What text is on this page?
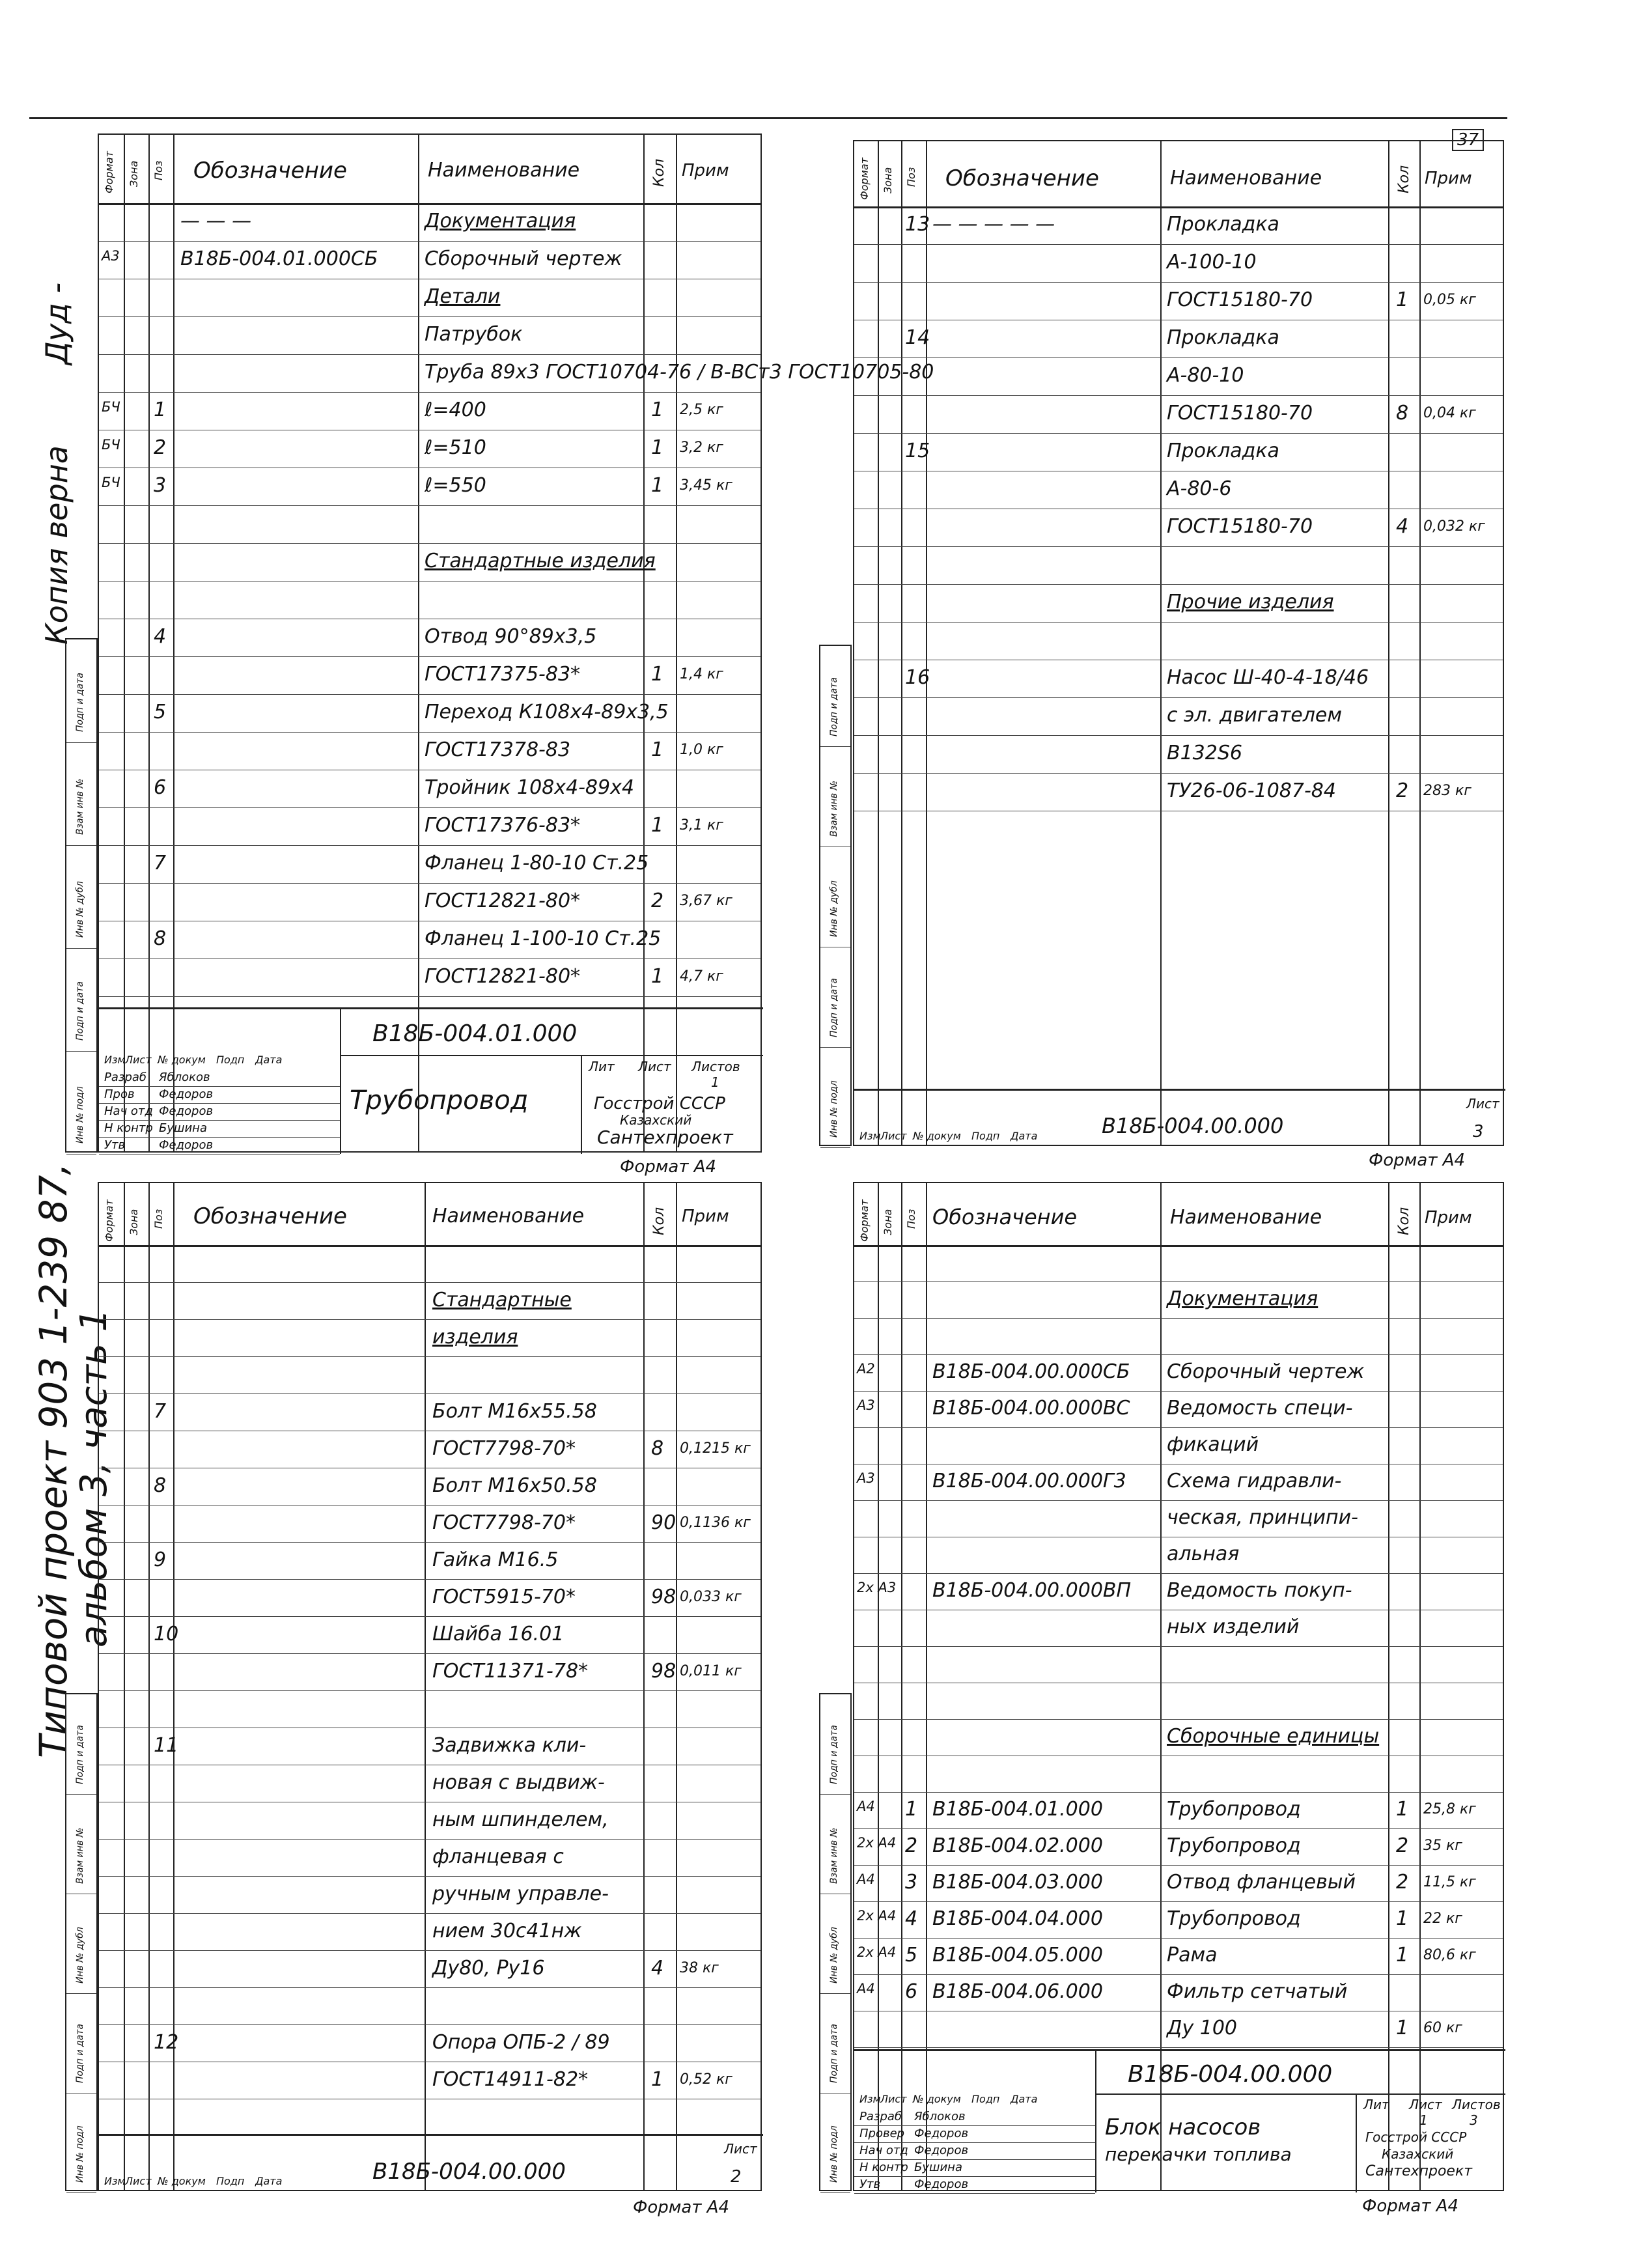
37
Копия верна
Дуд -
Типовой проект 903 1-239 87,
альбом 3, часть 1
Формат Зона Поз Обозначение	Наименование	Кол Прим
— — —	Документация
А3	В18Б-004.01.000СБ Сборочный чертеж
Детали
Патрубок
Труба 89х3 ГОСТ10704-76 / В-ВСт3 ГОСТ10705-80
БЧ 1	ℓ=400	1 2,5 кг
БЧ 2	ℓ=510	1 3,2 кг
БЧ 3	ℓ=550	1 3,45 кг
Стандартные изделия
4	Отвод 90°89х3,5
ГОСТ17375-83*	1 1,4 кг
5	Переход К108х4-89х3,5
ГОСТ17378-83	1 1,0 кг
6	Тройник 108х4-89х4
ГОСТ17376-83*	1 3,1 кг
7	Фланец 1-80-10 Ст.25
ГОСТ12821-80*	2 3,67 кг
8	Фланец 1-100-10 Ст.25
ГОСТ12821-80*	1 4,7 кг
В18Б-004.01.000
Трубопровод
Лит Лист Листов
1
Госстрой СССР
Казахский
Сантехпроект
Изм Лист № докум Подп Дата
Разраб Яблоков
Пров Федоров
Нач отд Федоров
Н контр Бушина
Утв	Федоров
Формат А4
Формат Зона Поз Обозначение	Наименование	Кол Прим
13 — — — — —	Прокладка
А-100-10
ГОСТ15180-70	1 0,05 кг
14	Прокладка
А-80-10
ГОСТ15180-70	8 0,04 кг
15	Прокладка
А-80-6
ГОСТ15180-70	4 0,032 кг
Прочие изделия
16	Насос Ш-40-4-18/46
с эл. двигателем
В132S6
ТУ26-06-1087-84	2 283 кг
В18Б-004.00.000
Лист
3
Изм Лист № докум Подп Дата
Формат А4
Формат Зона Поз Обозначение	Наименование	Кол Прим
Стандартные
изделия
7	Болт М16х55.58
ГОСТ7798-70*	8 0,1215 кг
8	Болт М16х50.58
ГОСТ7798-70*	90 0,1136 кг
9	Гайка М16.5
ГОСТ5915-70*	98 0,033 кг
10	Шайба 16.01
ГОСТ11371-78*	98 0,011 кг
11	Задвижка кли-
новая с выдвиж-
ным шпинделем,
фланцевая с
ручным управле-
нием 30с41нж
Ду80, Ру16	4 38 кг
12	Опора ОПБ-2 / 89
ГОСТ14911-82*	1 0,52 кг
В18Б-004.00.000
Лист
2
Изм Лист № докум Подп Дата
Формат А4
Формат Зона Поз Обозначение	Наименование	Кол Прим
Документация
А2	В18Б-004.00.000СБ Сборочный чертеж
А3	В18Б-004.00.000ВС Ведомость специ-
фикаций
А3	В18Б-004.00.000Г3 Схема гидравли-
ческая, принципи-
альная
2х А3 В18Б-004.00.000ВП Ведомость покуп-
ных изделий
Сборочные единицы
А4 1 В18Б-004.01.000	Трубопровод	1 25,8 кг
2х А4 2 В18Б-004.02.000	Трубопровод	2 35 кг
А4 3 В18Б-004.03.000	Отвод фланцевый 2 11,5 кг
2х А4 4 В18Б-004.04.000	Трубопровод	1 22 кг
2х А4 5 В18Б-004.05.000	Рама	1 80,6 кг
А4 6 В18Б-004.06.000	Фильтр сетчатый
Ду 100	1 60 кг
В18Б-004.00.000
Блок насосов
перекачки топлива
Лит Лист Листов
1	3
Госстрой СССР
Казахский
Сантехпроект
Изм Лист № докум Подп Дата
Разраб Яблоков
Провер Федоров
Нач отд Федоров
Н контр Бушина
Утв	Федоров
Формат А4
Подп и дата
Взам инв №
Инв № дубл
Подп и дата
Инв № подл
Подп и дата
Взам инв №
Инв № дубл
Подп и дата
Инв № подл
Подп и дата
Взам инв №
Инв № дубл
Подп и дата
Инв № подл
Подп и дата
Взам инв №
Инв № дубл
Подп и дата
Инв № подл
